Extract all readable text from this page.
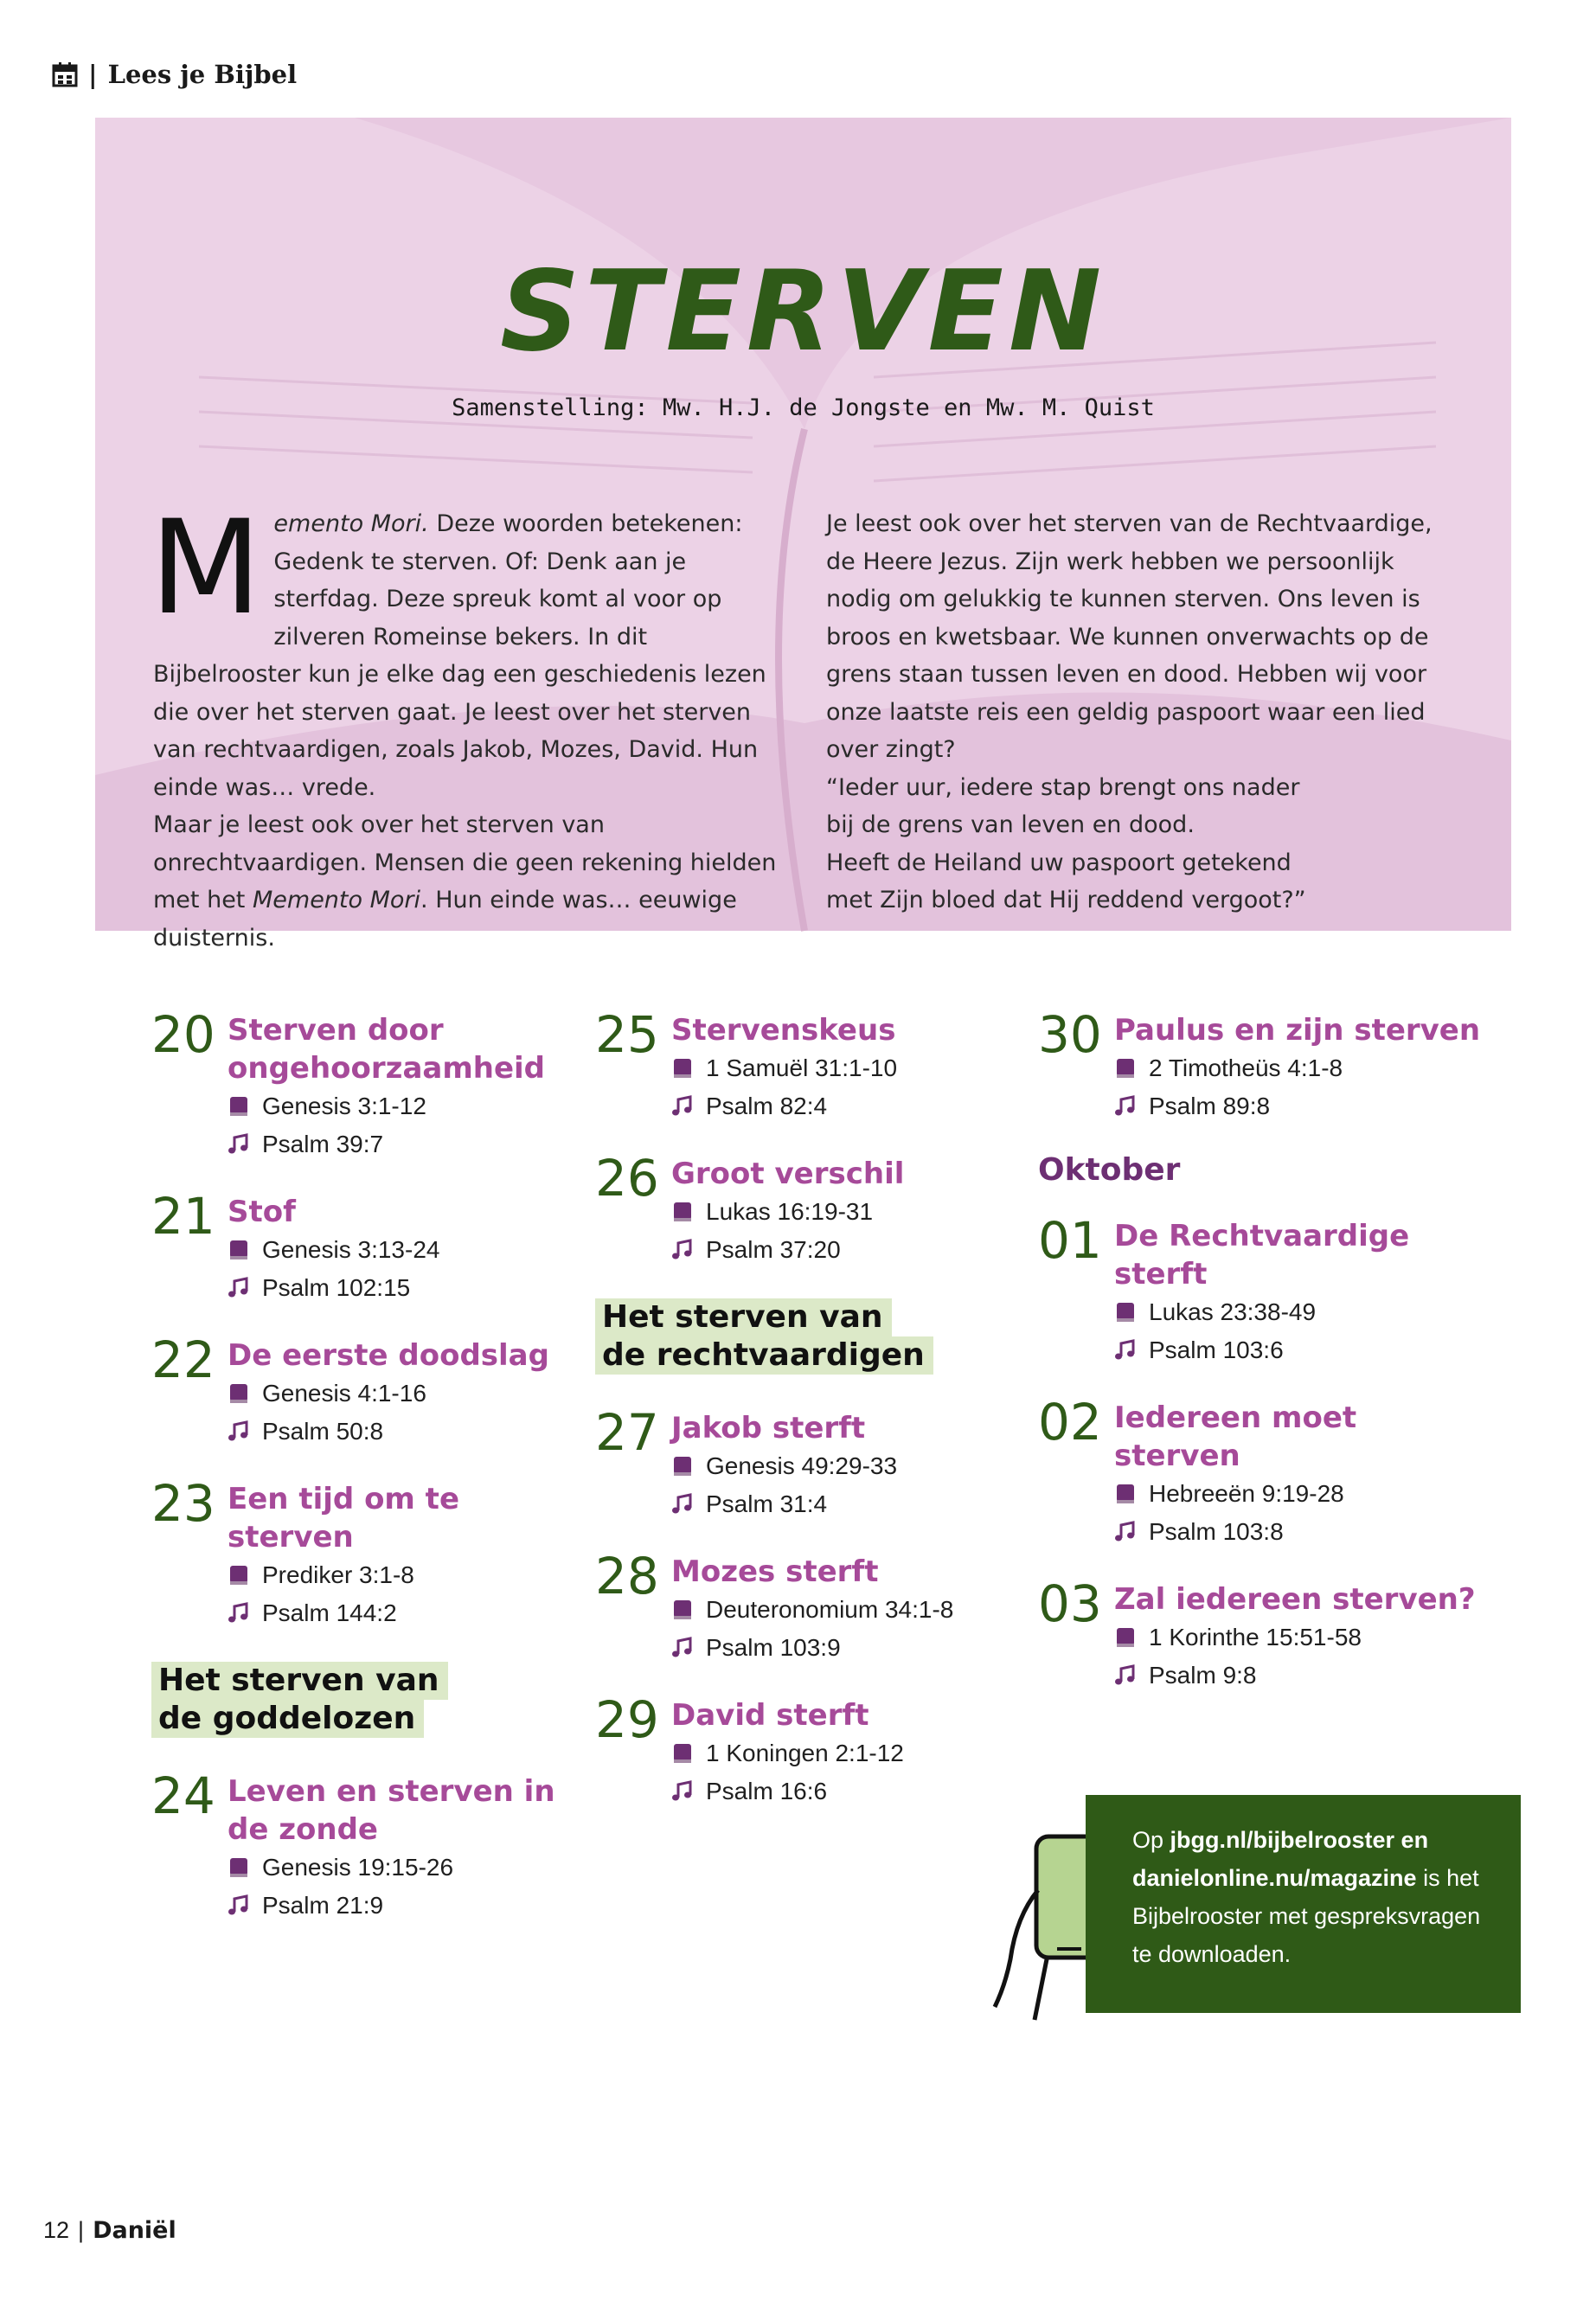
| Lees je Bijbel
STERVEN
Samenstelling: Mw. H.J. de Jongste en Mw. M. Quist
M emento Mori. Deze woorden betekenen: Gedenk te sterven. Of: Denk aan je sterfdag. Deze spreuk komt al voor op zilveren Romeinse bekers. In dit Bijbelrooster kun je elke dag een geschiedenis lezen die over het sterven gaat. Je leest over het sterven van rechtvaardigen, zoals Jakob, Mozes, David. Hun einde was… vrede.

Maar je leest ook over het sterven van onrechtvaardigen. Mensen die geen rekening hielden met het Memento Mori. Hun einde was… eeuwige duisternis.

Je leest ook over het sterven van de Rechtvaardige, de Heere Jezus. Zijn werk hebben we persoonlijk nodig om gelukkig te kunnen sterven. Ons leven is broos en kwetsbaar. We kunnen onverwachts op de grens staan tussen leven en dood. Hebben wij voor onze laatste reis een geldig paspoort waar een lied over zingt?

“Ieder uur, iedere stap brengt ons nader

bij de grens van leven en dood.

Heeft de Heiland uw paspoort getekend

met Zijn bloed dat Hij reddend vergoot?”

20 Sterven door ongehoorzaamheid
Genesis 3:1-12
Psalm 39:7
21 Stof
Genesis 3:13-24
Psalm 102:15
22 De eerste doodslag
Genesis 4:1-16
Psalm 50:8
23 Een tijd om te sterven
Prediker 3:1-8
Psalm 144:2
Het sterven van
de goddelozen
24 Leven en sterven in de zonde
Genesis 19:15-26
Psalm 21:9
25 Stervenskeus
1 Samuël 31:1-10
Psalm 82:4
26 Groot verschil
Lukas 16:19-31
Psalm 37:20
Het sterven van
de rechtvaardigen
27 Jakob sterft
Genesis 49:29-33
Psalm 31:4
28 Mozes sterft
Deuteronomium 34:1-8
Psalm 103:9
29 David sterft
1 Koningen 2:1-12
Psalm 16:6
30 Paulus en zijn sterven
2 Timotheüs 4:1-8
Psalm 89:8
Oktober
01 De Rechtvaardige sterft
Lukas 23:38-49
Psalm 103:6
02 Iedereen moet sterven
Hebreeën 9:19-28
Psalm 103:8
03 Zal iedereen sterven?
1 Korinthe 15:51-58
Psalm 9:8
Op jbgg.nl/bijbelrooster en danielonline.nu/magazine is het Bijbelrooster met gespreksvragen te downloaden.
12 | Daniël
